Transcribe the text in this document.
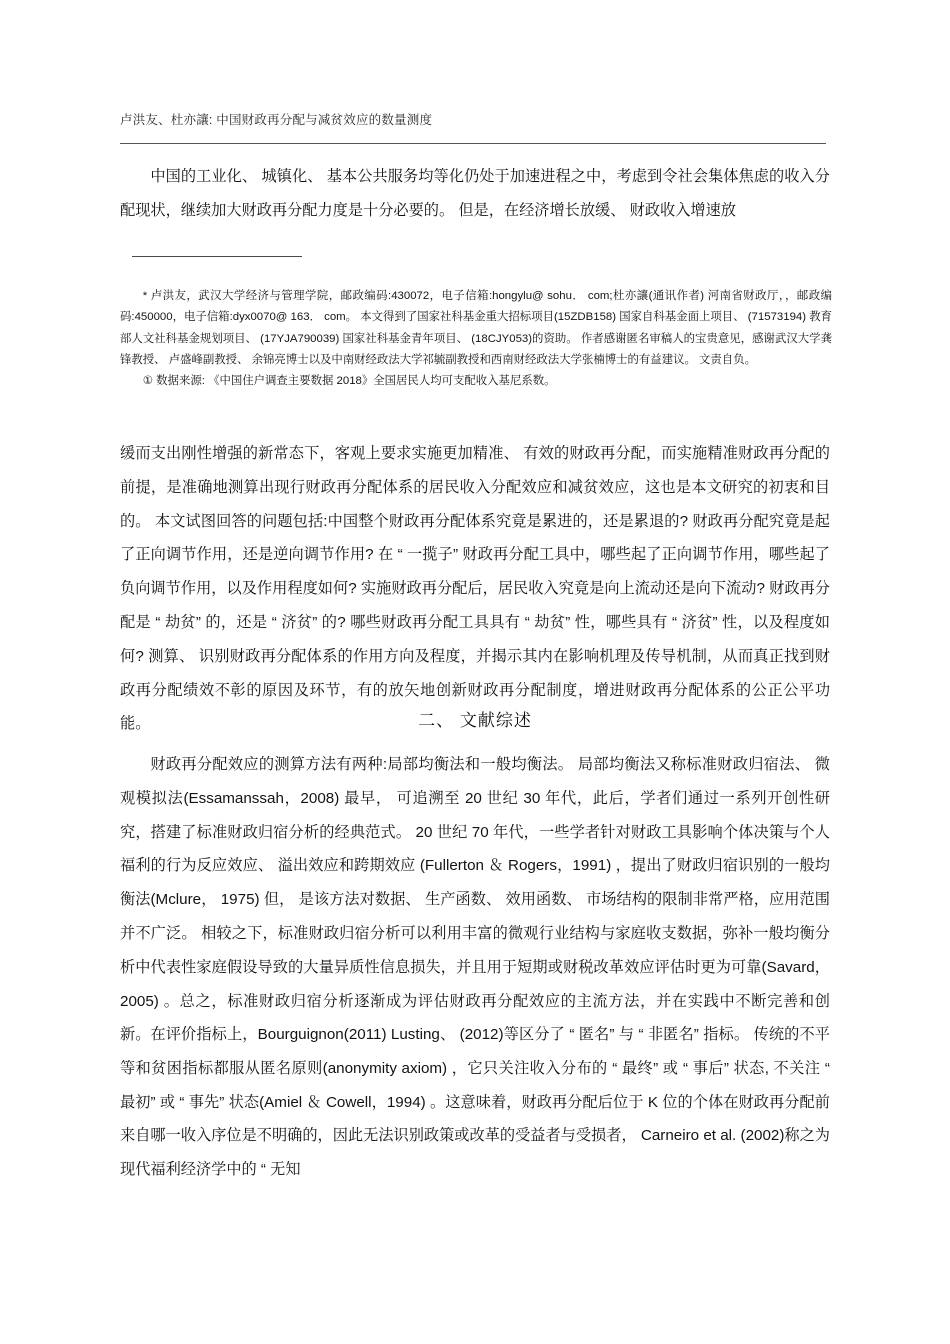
卢洪友、杜亦讓: 中国财政再分配与减贫效应的数量测度
中国的工业化、 城镇化、 基本公共服务均等化仍处于加速进程之中，考虑到令社会集体焦虑的收入分配现状，继续加大财政再分配力度是十分必要的。 但是，在经济增长放缓、 财政收入增速放

* 卢洪友，武汉大学经济与管理学院，邮政编码:430072，电子信箱:hongylu@ sohu． com;杜亦讓(通讯作者) 河南省财政厅，，邮政编码:450000，电子信箱:dyx0070@ 163． com。 本文得到了国家社科基金重大招标项目(15ZDB158) 国家自科基金面上项目、 (71573194) 教育部人文社科基金规划项目、 (17YJA790039) 国家社科基金青年项目、 (18CJY053)的资助。 作者感谢匿名审稿人的宝贵意见，感谢武汉大学龚锋教授、 卢盛峰副教授、 余锦亮博士以及中南财经政法大学祁毓副教授和西南财经政法大学张楠博士的有益建议。 文责自负。

① 数据来源: 《中国住户调查主要数据 2018》全国居民人均可支配收入基尼系数。

缓而支出刚性增强的新常态下，客观上要求实施更加精准、 有效的财政再分配，而实施精准财政再分配的前提，是准确地测算出现行财政再分配体系的居民收入分配效应和减贫效应，这也是本文研究的初衷和目的。 本文试图回答的问题包括:中国整个财政再分配体系究竟是累进的，还是累退的? 财政再分配究竟是起了正向调节作用，还是逆向调节作用? 在 “ 一揽子” 财政再分配工具中，哪些起了正向调节作用，哪些起了负向调节作用，以及作用程度如何? 实施财政再分配后，居民收入究竟是向上流动还是向下流动? 财政再分配是 “ 劫贫” 的，还是 “ 济贫” 的? 哪些财政再分配工具具有 “ 劫贫” 性，哪些具有 “ 济贫” 性，以及程度如何? 测算、 识别财政再分配体系的作用方向及程度，并揭示其内在影响机理及传导机制，从而真正找到财政再分配绩效不彰的原因及环节，有的放矢地创新财政再分配制度，增进财政再分配体系的公正公平功能。	二、 文献综述
财政再分配效应的测算方法有两种:局部均衡法和一般均衡法。 局部均衡法又称标准财政归宿法、 微观模拟法(Essamanssah，2008) 最早， 可追溯至 20 世纪 30 年代，此后，学者们通过一系列开创性研究，搭建了标准财政归宿分析的经典范式。 20 世纪 70 年代，一些学者针对财政工具影响个体决策与个人福利的行为反应效应、 溢出效应和跨期效应 (Fullerton ＆ Rogers，1991) ，提出了财政归宿识别的一般均衡法(Mclure， 1975) 但， 是该方法对数据、 生产函数、 效用函数、 市场结构的限制非常严格，应用范围并不广泛。 相较之下，标准财政归宿分析可以利用丰富的微观行业结构与家庭收支数据，弥补一般均衡分析中代表性家庭假设导致的大量异质性信息损失，并且用于短期或财税改革效应评估时更为可靠(Savard，2005) 。总之，标准财政归宿分析逐渐成为评估财政再分配效应的主流方法，并在实践中不断完善和创新。 在评价指标上，Bourguignon(2011) Lusting、 (2012)等区分了 “ 匿名” 与 “ 非匿名” 指标。 传统的不平等和贫困指标都服从匿名原则(anonymity axiom) ，它只关注收入分布的 “ 最终” 或 “ 事后” 状态, 不关注 “ 最初” 或 “ 事先” 状态(Amiel ＆ Cowell，1994) 。这意味着，财政再分配后位于 K 位的个体在财政再分配前来自哪一收入序位是不明确的，因此无法识别政策或改革的受益者与受损者， Carneiro et al. (2002)称之为现代福利经济学中的 “ 无知
